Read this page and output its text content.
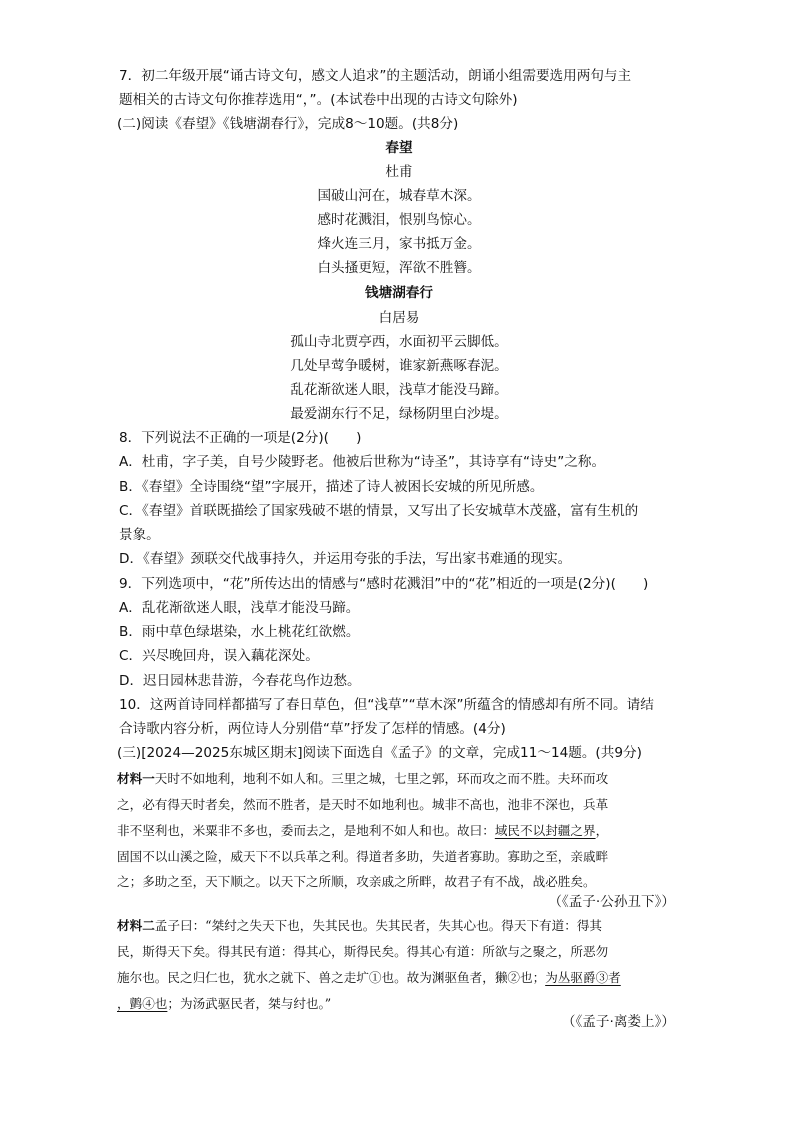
7．初二年级开展“诵古诗文句，感文人追求”的主题活动，朗诵小组需要选用两句与主
题相关的古诗文句你推荐选用“，”。(本试卷中出现的古诗文句除外)
(二)阅读《春望》《钱塘湖春行》，完成8～10题。(共8分)
春望
杜甫
国破山河在，城春草木深。
感时花溅泪，恨别鸟惊心。
烽火连三月，家书抵万金。
白头搔更短，浑欲不胜簪。
钱塘湖春行
白居易
孤山寺北贾亭西，水面初平云脚低。
几处早莺争暖树，谁家新燕啄春泥。
乱花渐欲迷人眼，浅草才能没马蹄。
最爱湖东行不足，绿杨阴里白沙堤。
8．下列说法不正确的一项是(2分)(　　)
A．杜甫，字子美，自号少陵野老。他被后世称为“诗圣”，其诗享有“诗史”之称。
B．《春望》全诗围绕“望”字展开，描述了诗人被困长安城的所见所感。
C．《春望》首联既描绘了国家残破不堪的情景，又写出了长安城草木茂盛，富有生机的
景象。
D．《春望》颈联交代战事持久，并运用夸张的手法，写出家书难通的现实。
9．下列选项中，“花”所传达出的情感与“感时花溅泪”中的“花”相近的一项是(2分)(　　)
A．乱花渐欲迷人眼，浅草才能没马蹄。
B．雨中草色绿堪染，水上桃花红欲燃。
C．兴尽晚回舟，误入藕花深处。
D．迟日园林悲昔游，今春花鸟作边愁。
10．这两首诗同样都描写了春日草色，但“浅草”“草木深”所蕴含的情感却有所不同。请结
合诗歌内容分析，两位诗人分别借“草”抒发了怎样的情感。(4分)
(三)[2024—2025东城区期末]阅读下面选自《孟子》的文章，完成11～14题。(共9分)
材料一天时不如地利，地利不如人和。三里之城，七里之郭，环而攻之而不胜。夫环而攻
之，必有得天时者矣，然而不胜者，是天时不如地利也。城非不高也，池非不深也，兵革
非不坚利也，米粟非不多也，委而去之，是地利不如人和也。故曰：域民不以封疆之界，
固国不以山溪之险，威天下不以兵革之利。得道者多助，失道者寡助。寡助之至，亲戚畔
之；多助之至，天下顺之。以天下之所顺，攻亲戚之所畔，故君子有不战，战必胜矣。
（《孟子·公孙丑下》）
材料二孟子曰：“桀纣之失天下也，失其民也。失其民者，失其心也。得天下有道：得其
民，斯得天下矣。得其民有道：得其心，斯得民矣。得其心有道：所欲与之聚之，所恶勿
施尔也。民之归仁也，犹水之就下、兽之走圹①也。故为渊驱鱼者，獭②也；为丛驱爵③者
，鹯④也；为汤武驱民者，桀与纣也。”
（《孟子·离娄上》）
